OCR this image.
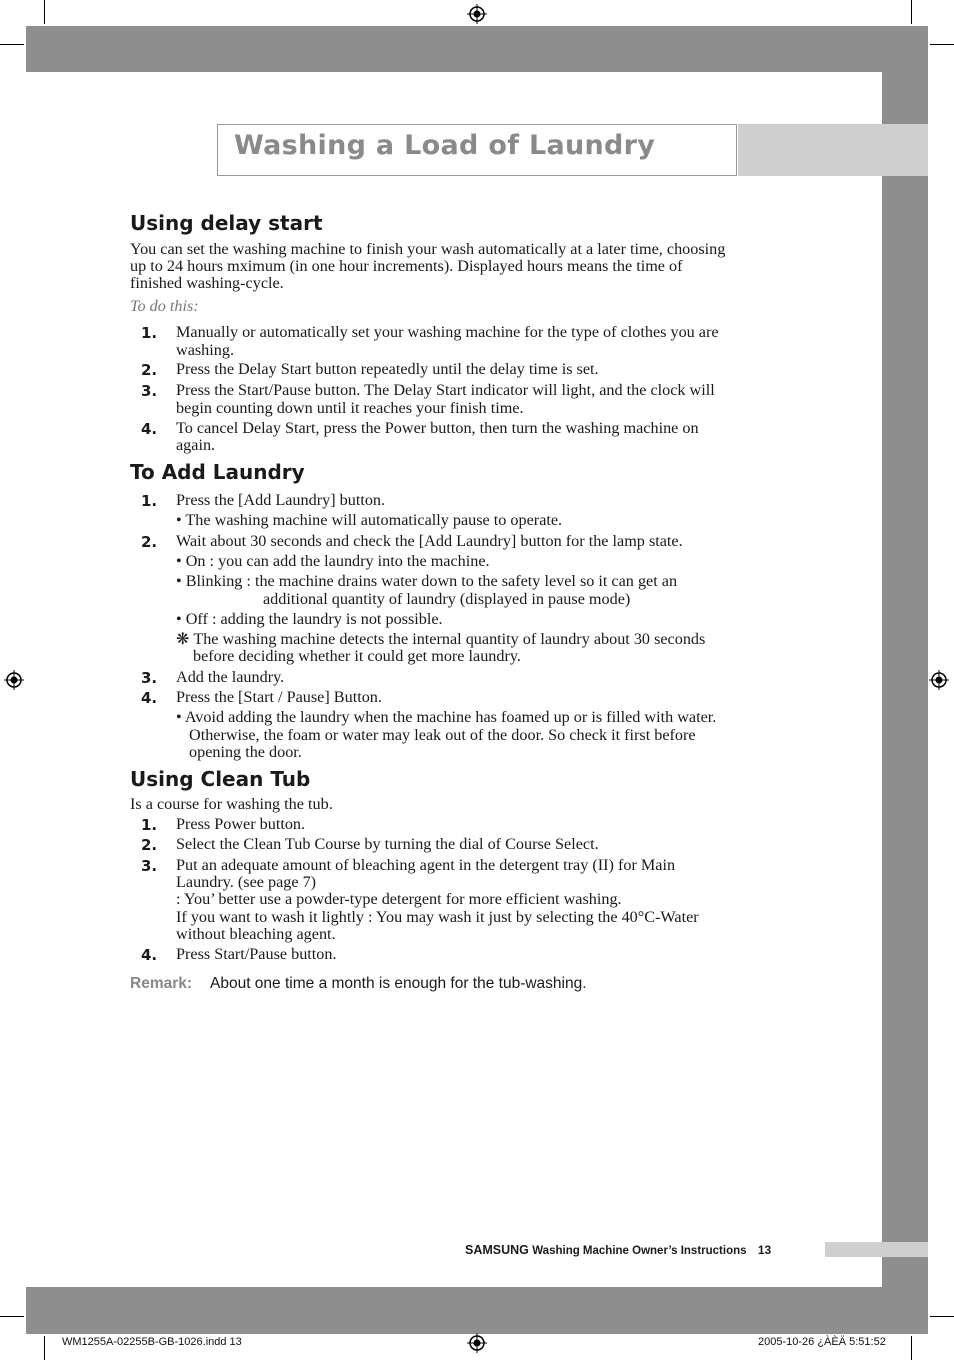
Washing a Load of Laundry
Using delay start

You can set the washing machine to finish your wash automatically at a later time, choosing

up to 24 hours mximum (in one hour increments). Displayed hours means the time of

finished washing-cycle.

To do this:

1. Manually or automatically set your washing machine for the type of clothes you are

washing.

2. Press the Delay Start button repeatedly until the delay time is set.

3. Press the Start/Pause button. The Delay Start indicator will light, and the clock will

begin counting down until it reaches your finish time.

4. To cancel Delay Start, press the Power button, then turn the washing machine on

again.

To Add Laundry
1. Press the [Add Laundry] button.

• The washing machine will automatically pause to operate.

2. Wait about 30 seconds and check the [Add Laundry] button for the lamp state.

• On : you can add the laundry into the machine.

• Blinking : the machine drains water down to the safety level so it can get an

additional quantity of laundry (displayed in pause mode)

• Off : adding the laundry is not possible.

❋ The washing machine detects the internal quantity of laundry about 30 seconds

before deciding whether it could get more laundry.

3. Add the laundry.

4. Press the [Start / Pause] Button.

• Avoid adding the laundry when the machine has foamed up or is filled with water.

Otherwise, the foam or water may leak out of the door. So check it first before

opening the door.

Using Clean Tub

Is a course for washing the tub.

1. Press Power button.

2. Select the Clean Tub Course by turning the dial of Course Select.

3. Put an adequate amount of bleaching agent in the detergent tray (II) for Main

Laundry. (see page 7)

: You’ better use a powder-type detergent for more efficient washing.

If you want to wash it lightly : You may wash it just by selecting the 40°C-Water

without bleaching agent.

4. Press Start/Pause button.

Remark: About one time a month is enough for the tub-washing.
SAMSUNG Washing Machine Owner’s Instructions 13
WM1255A-02255B-GB-1026.indd 13	2005-10-26 ¿ÀÈÄ 5:51:52
